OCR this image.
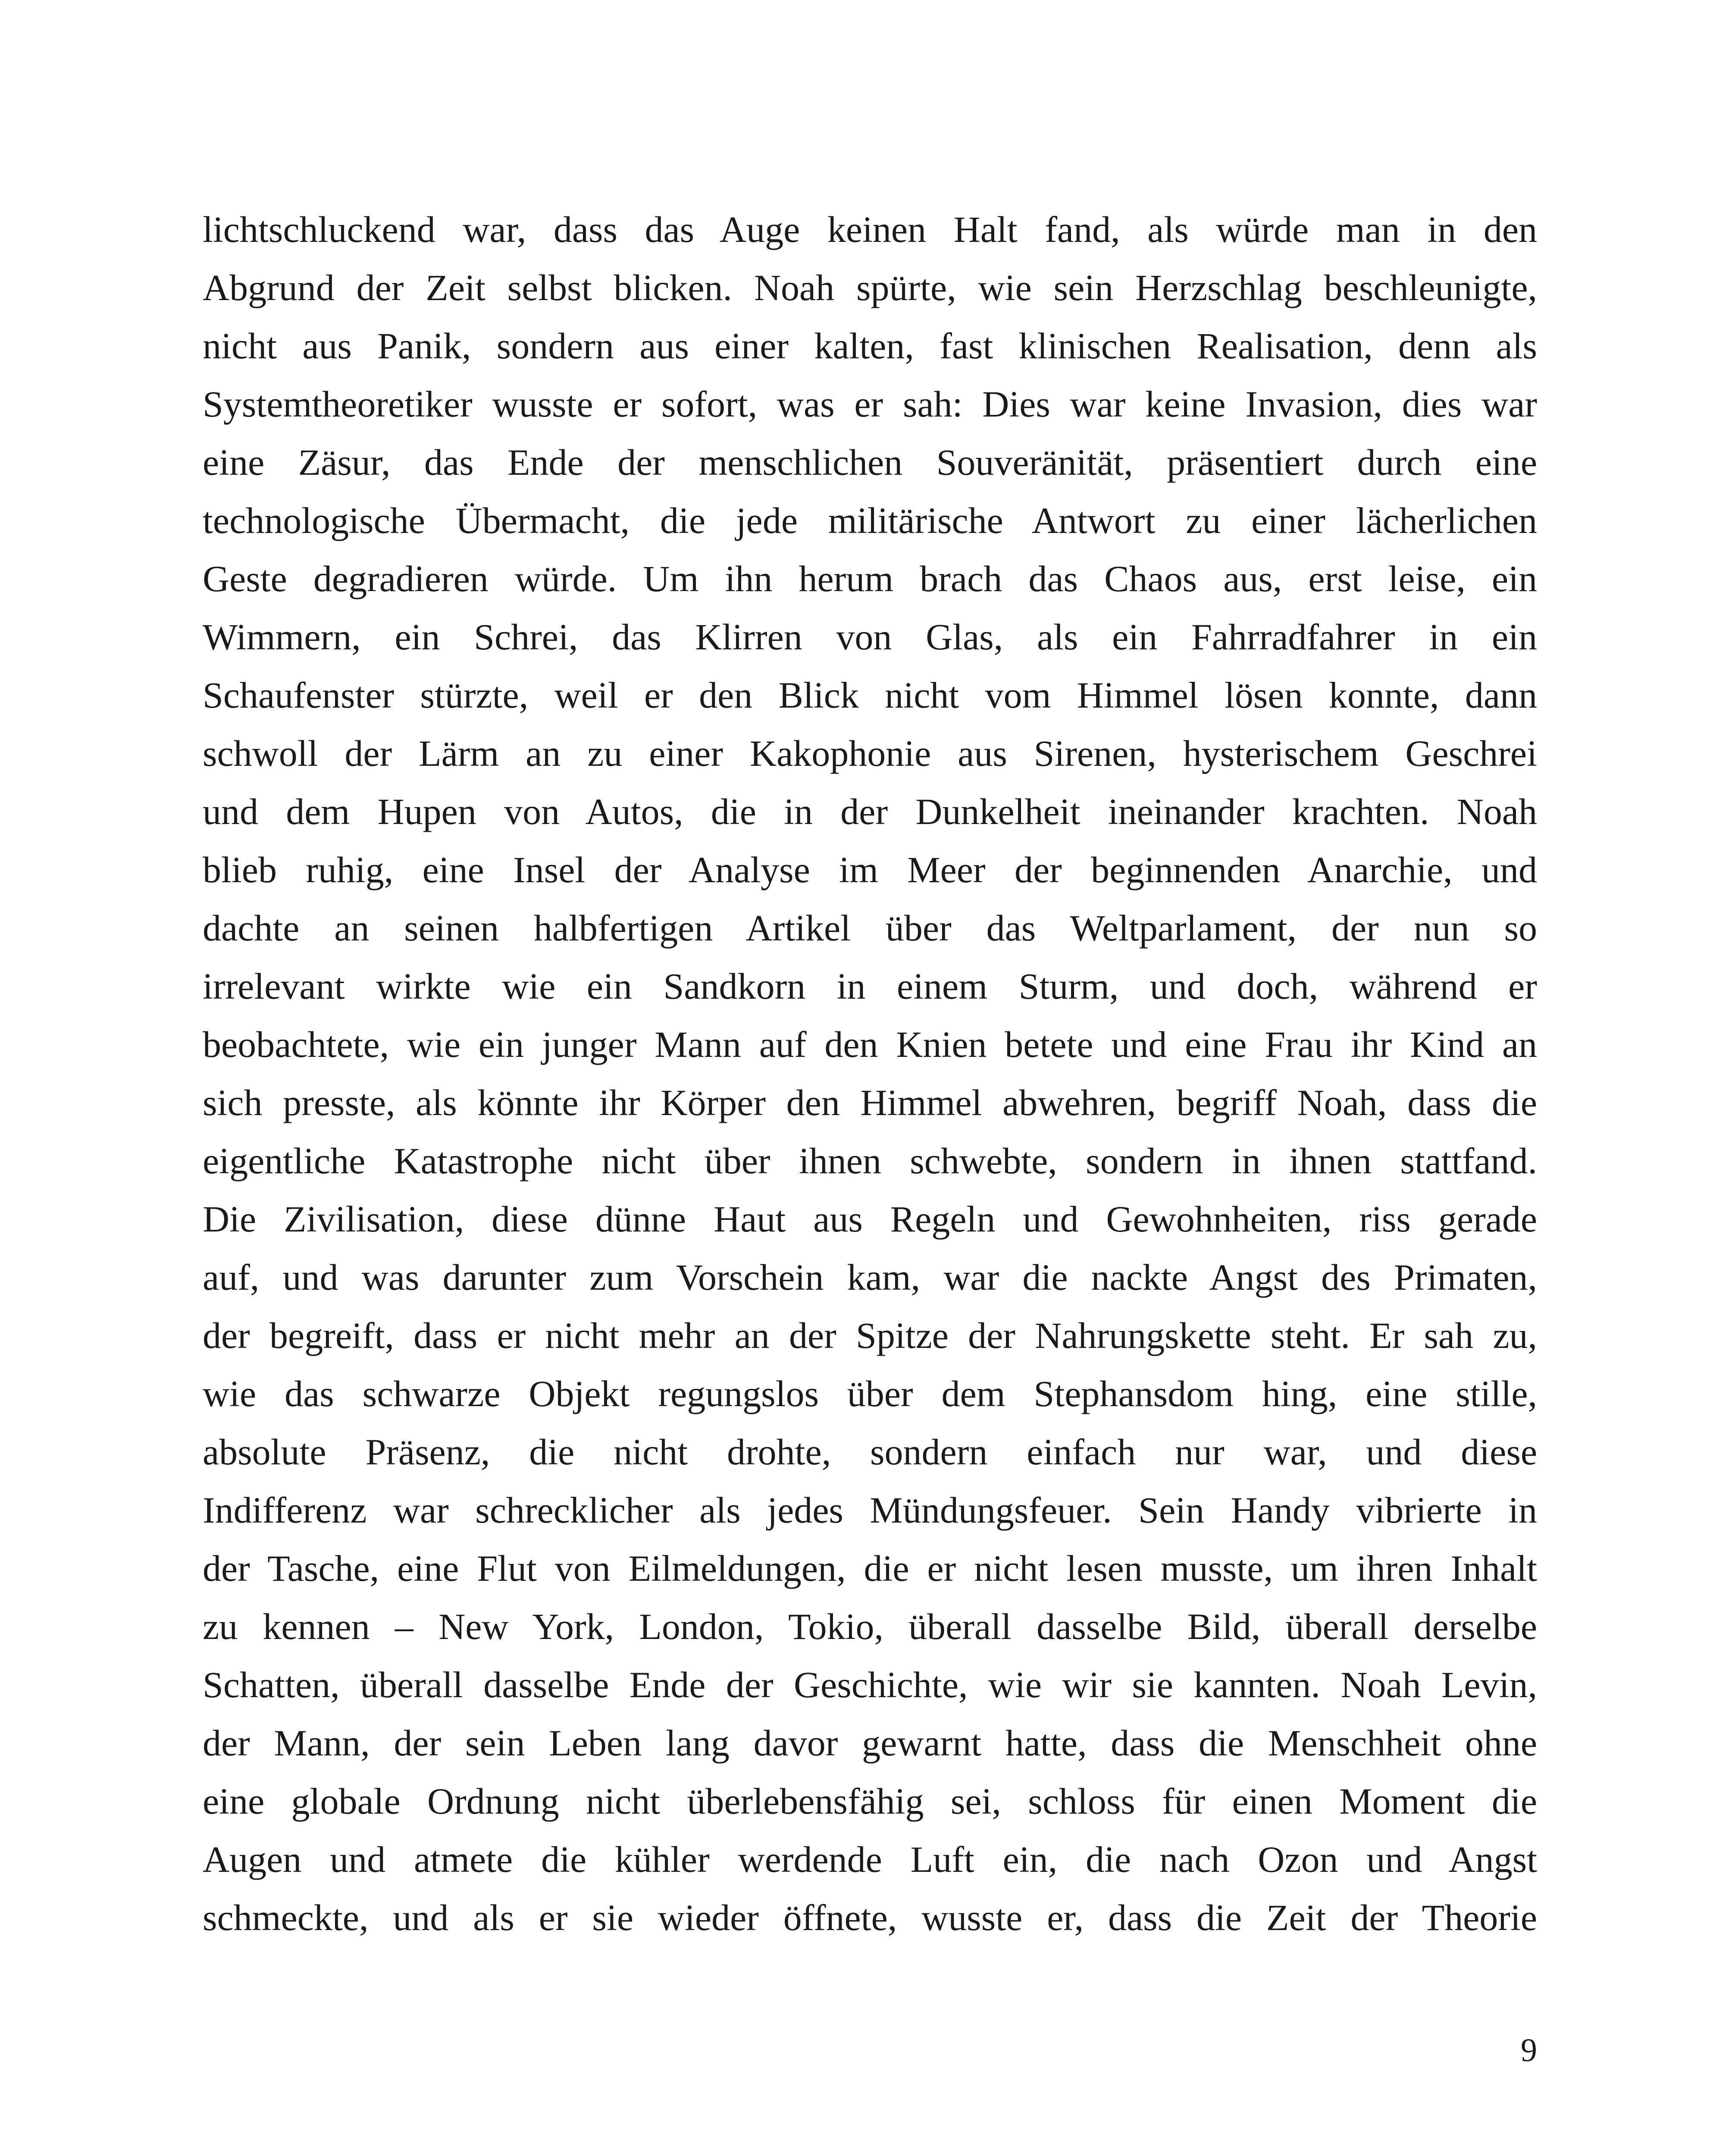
lichtschluckend war, dass das Auge keinen Halt fand, als würde man in den
Abgrund der Zeit selbst blicken. Noah spürte, wie sein Herzschlag beschleunigte,
nicht aus Panik, sondern aus einer kalten, fast klinischen Realisation, denn als
Systemtheoretiker wusste er sofort, was er sah: Dies war keine Invasion, dies war
eine Zäsur, das Ende der menschlichen Souveränität, präsentiert durch eine
technologische Übermacht, die jede militärische Antwort zu einer lächerlichen
Geste degradieren würde. Um ihn herum brach das Chaos aus, erst leise, ein
Wimmern, ein Schrei, das Klirren von Glas, als ein Fahrradfahrer in ein
Schaufenster stürzte, weil er den Blick nicht vom Himmel lösen konnte, dann
schwoll der Lärm an zu einer Kakophonie aus Sirenen, hysterischem Geschrei
und dem Hupen von Autos, die in der Dunkelheit ineinander krachten. Noah
blieb ruhig, eine Insel der Analyse im Meer der beginnenden Anarchie, und
dachte an seinen halbfertigen Artikel über das Weltparlament, der nun so
irrelevant wirkte wie ein Sandkorn in einem Sturm, und doch, während er
beobachtete, wie ein junger Mann auf den Knien betete und eine Frau ihr Kind an
sich presste, als könnte ihr Körper den Himmel abwehren, begriff Noah, dass die
eigentliche Katastrophe nicht über ihnen schwebte, sondern in ihnen stattfand.
Die Zivilisation, diese dünne Haut aus Regeln und Gewohnheiten, riss gerade
auf, und was darunter zum Vorschein kam, war die nackte Angst des Primaten,
der begreift, dass er nicht mehr an der Spitze der Nahrungskette steht. Er sah zu,
wie das schwarze Objekt regungslos über dem Stephansdom hing, eine stille,
absolute Präsenz, die nicht drohte, sondern einfach nur war, und diese
Indifferenz war schrecklicher als jedes Mündungsfeuer. Sein Handy vibrierte in
der Tasche, eine Flut von Eilmeldungen, die er nicht lesen musste, um ihren Inhalt
zu kennen – New York, London, Tokio, überall dasselbe Bild, überall derselbe
Schatten, überall dasselbe Ende der Geschichte, wie wir sie kannten. Noah Levin,
der Mann, der sein Leben lang davor gewarnt hatte, dass die Menschheit ohne
eine globale Ordnung nicht überlebensfähig sei, schloss für einen Moment die
Augen und atmete die kühler werdende Luft ein, die nach Ozon und Angst
schmeckte, und als er sie wieder öffnete, wusste er, dass die Zeit der Theorie

9
